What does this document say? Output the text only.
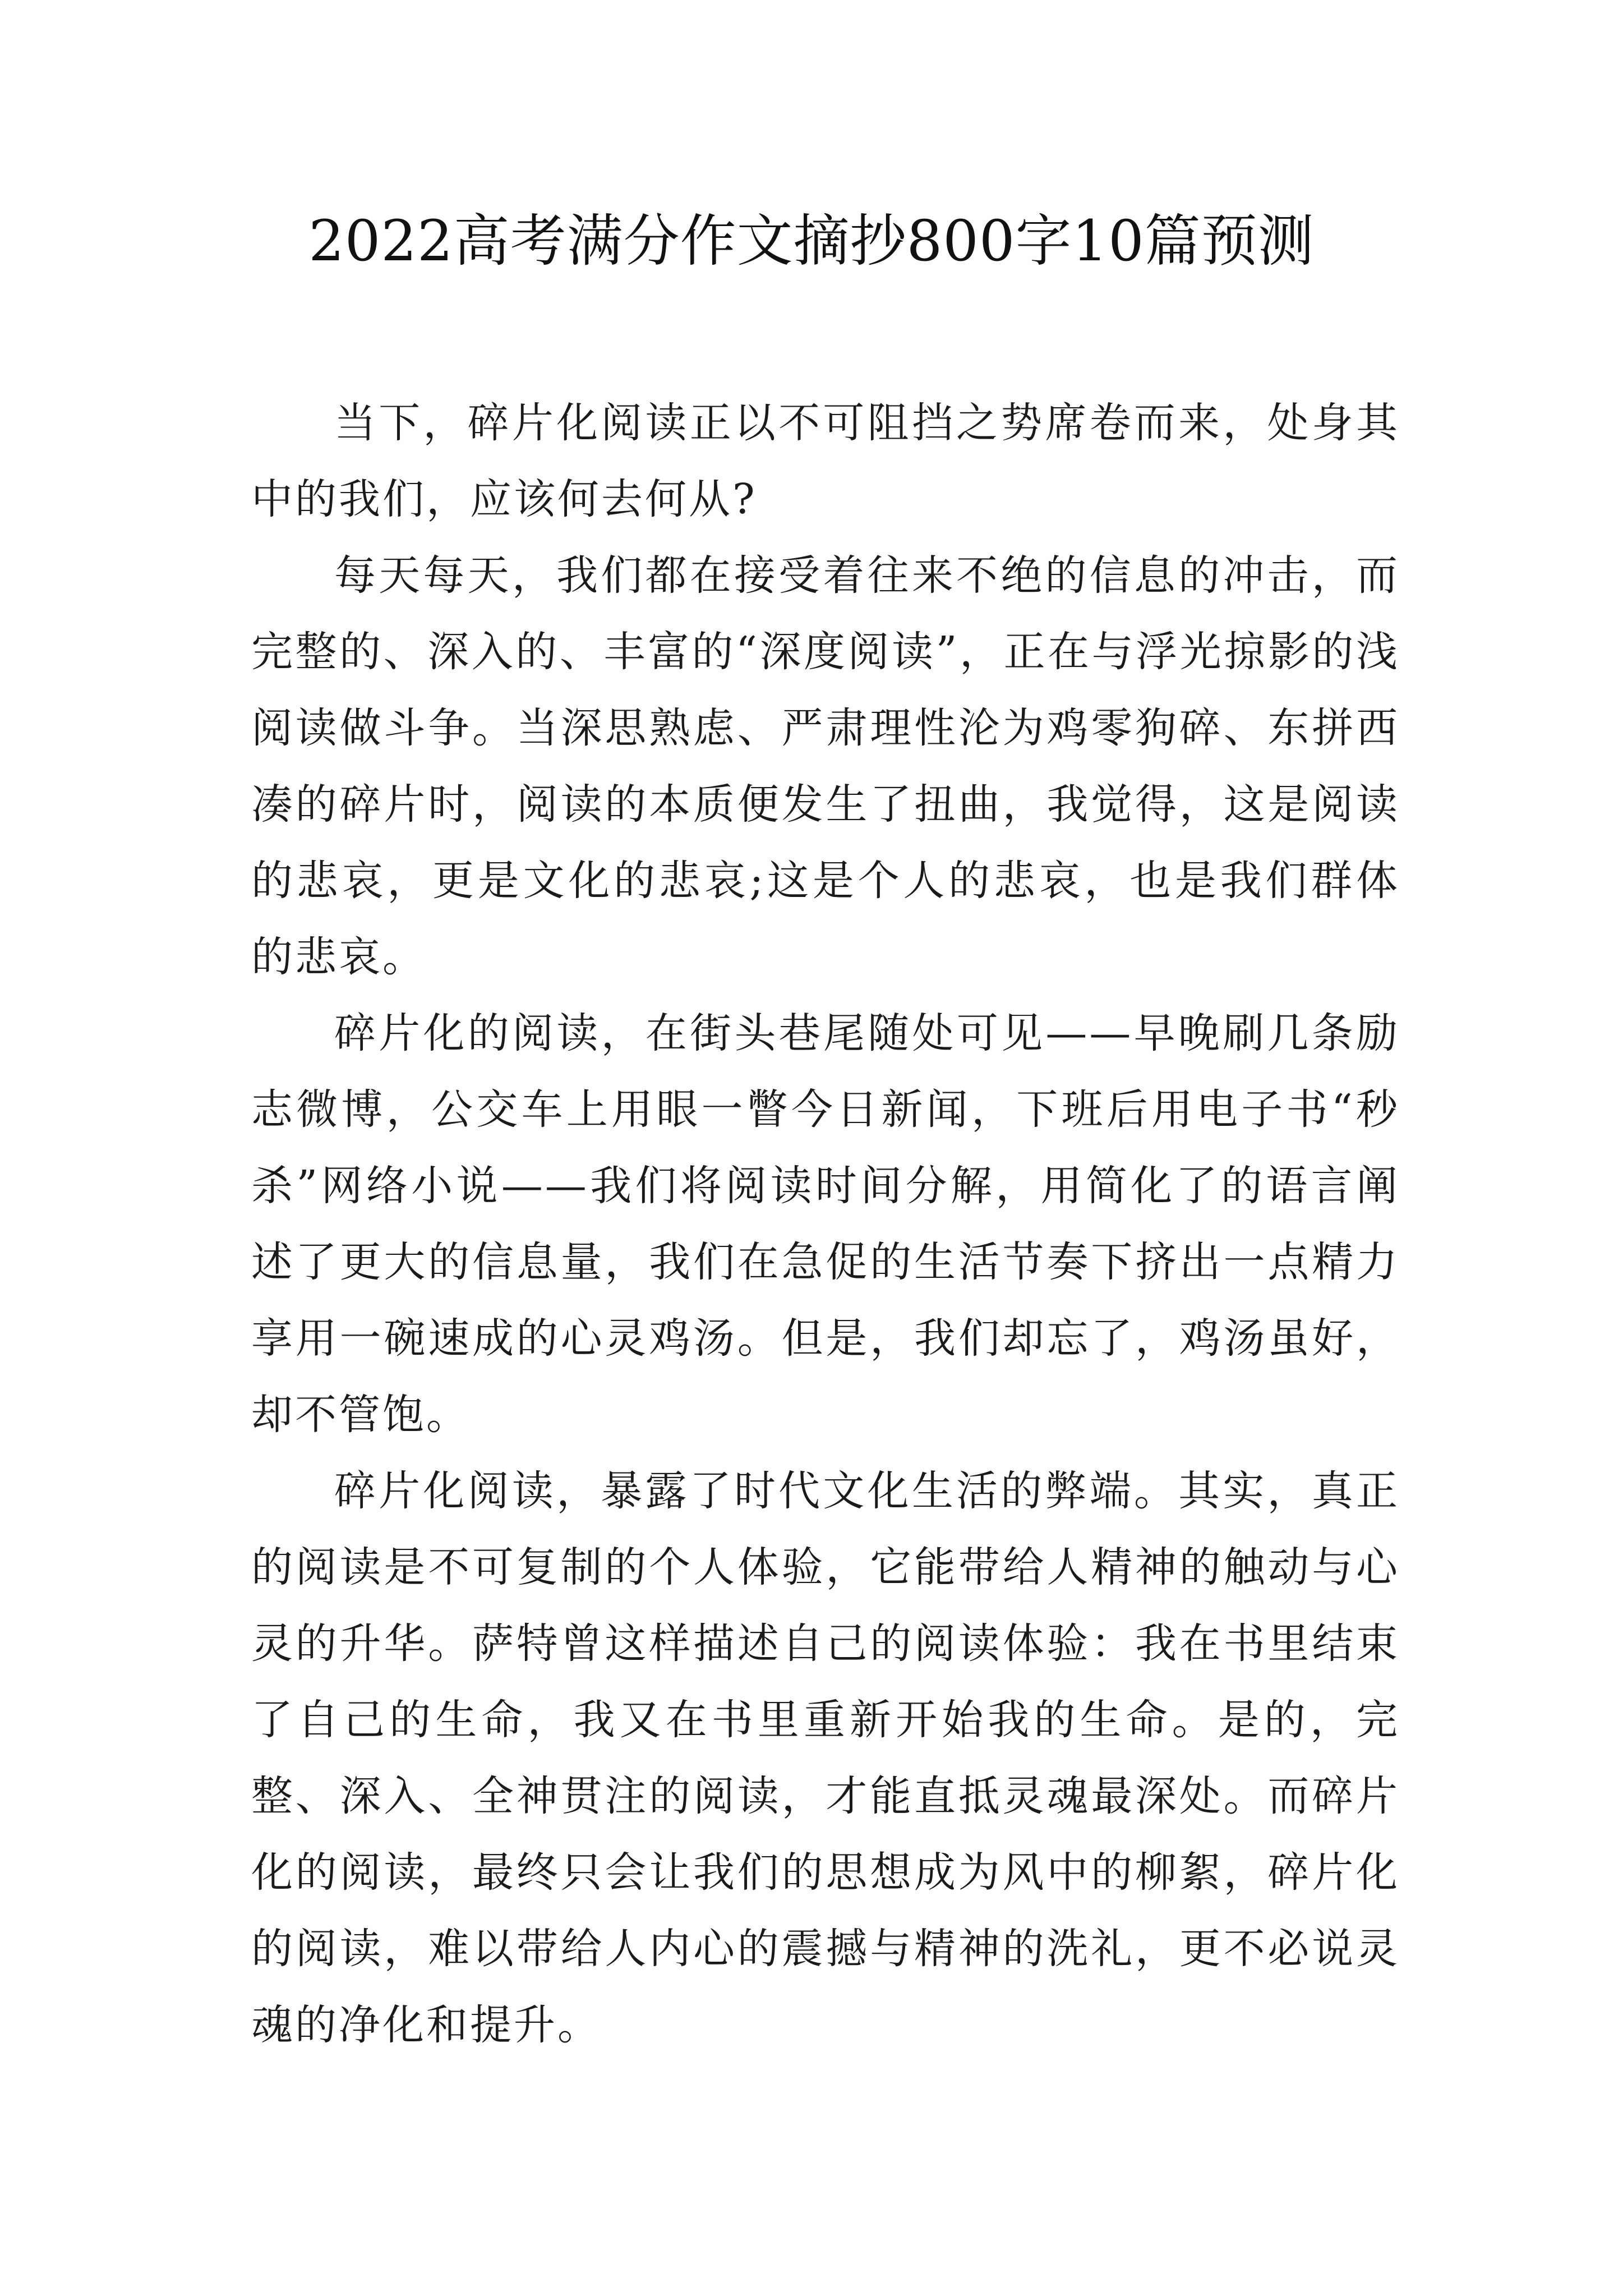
2022高考满分作文摘抄800字10篇预测

当下，碎片化阅读正以不可阻挡之势席卷而来，处身其中的我们，应该何去何从?

每天每天，我们都在接受着往来不绝的信息的冲击，而完整的、深入的、丰富的“深度阅读”，正在与浮光掠影的浅阅读做斗争。当深思熟虑、严肃理性沦为鸡零狗碎、东拼西凑的碎片时，阅读的本质便发生了扭曲，我觉得，这是阅读的悲哀，更是文化的悲哀;这是个人的悲哀，也是我们群体的悲哀。

碎片化的阅读，在街头巷尾随处可见——早晚刷几条励志微博，公交车上用眼一瞥今日新闻，下班后用电子书“秒杀”网络小说——我们将阅读时间分解，用简化了的语言阐述了更大的信息量，我们在急促的生活节奏下挤出一点精力享用一碗速成的心灵鸡汤。但是，我们却忘了，鸡汤虽好，却不管饱。

碎片化阅读，暴露了时代文化生活的弊端。其实，真正的阅读是不可复制的个人体验，它能带给人精神的触动与心灵的升华。萨特曾这样描述自己的阅读体验：我在书里结束了自己的生命，我又在书里重新开始我的生命。是的，完整、深入、全神贯注的阅读，才能直抵灵魂最深处。而碎片化的阅读，最终只会让我们的思想成为风中的柳絮，碎片化的阅读，难以带给人内心的震撼与精神的洗礼，更不必说灵魂的净化和提升。
